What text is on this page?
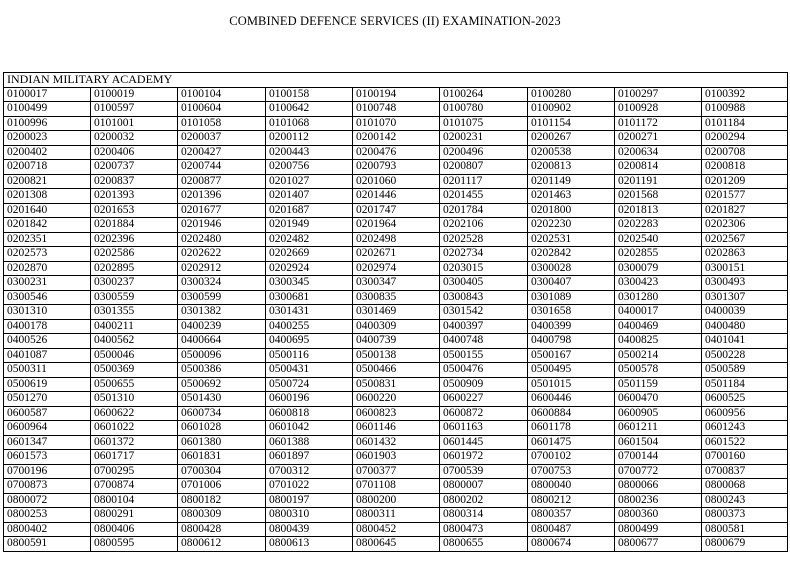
COMBINED DEFENCE SERVICES (II) EXAMINATION-2023
INDIAN MILITARY ACADEMY								
0100017	0100019	0100104	0100158	0100194	0100264	0100280	0100297	0100392
0100499	0100597	0100604	0100642	0100748	0100780	0100902	0100928	0100988
0100996	0101001	0101058	0101068	0101070	0101075	0101154	0101172	0101184
0200023	0200032	0200037	0200112	0200142	0200231	0200267	0200271	0200294
0200402	0200406	0200427	0200443	0200476	0200496	0200538	0200634	0200708
0200718	0200737	0200744	0200756	0200793	0200807	0200813	0200814	0200818
0200821	0200837	0200877	0201027	0201060	0201117	0201149	0201191	0201209
0201308	0201393	0201396	0201407	0201446	0201455	0201463	0201568	0201577
0201640	0201653	0201677	0201687	0201747	0201784	0201800	0201813	0201827
0201842	0201884	0201946	0201949	0201964	0202106	0202230	0202283	0202306
0202351	0202396	0202480	0202482	0202498	0202528	0202531	0202540	0202567
0202573	0202586	0202622	0202669	0202671	0202734	0202842	0202855	0202863
0202870	0202895	0202912	0202924	0202974	0203015	0300028	0300079	0300151
0300231	0300237	0300324	0300345	0300347	0300405	0300407	0300423	0300493
0300546	0300559	0300599	0300681	0300835	0300843	0301089	0301280	0301307
0301310	0301355	0301382	0301431	0301469	0301542	0301658	0400017	0400039
0400178	0400211	0400239	0400255	0400309	0400397	0400399	0400469	0400480
0400526	0400562	0400664	0400695	0400739	0400748	0400798	0400825	0401041
0401087	0500046	0500096	0500116	0500138	0500155	0500167	0500214	0500228
0500311	0500369	0500386	0500431	0500466	0500476	0500495	0500578	0500589
0500619	0500655	0500692	0500724	0500831	0500909	0501015	0501159	0501184
0501270	0501310	0501430	0600196	0600220	0600227	0600446	0600470	0600525
0600587	0600622	0600734	0600818	0600823	0600872	0600884	0600905	0600956
0600964	0601022	0601028	0601042	0601146	0601163	0601178	0601211	0601243
0601347	0601372	0601380	0601388	0601432	0601445	0601475	0601504	0601522
0601573	0601717	0601831	0601897	0601903	0601972	0700102	0700144	0700160
0700196	0700295	0700304	0700312	0700377	0700539	0700753	0700772	0700837
0700873	0700874	0701006	0701022	0701108	0800007	0800040	0800066	0800068
0800072	0800104	0800182	0800197	0800200	0800202	0800212	0800236	0800243
0800253	0800291	0800309	0800310	0800311	0800314	0800357	0800360	0800373
0800402	0800406	0800428	0800439	0800452	0800473	0800487	0800499	0800581
0800591	0800595	0800612	0800613	0800645	0800655	0800674	0800677	0800679
